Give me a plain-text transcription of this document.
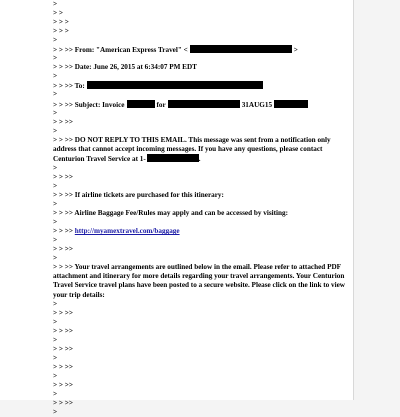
>
> >
> > >
> > >
>
> > >> From: "American Express Travel" <	>
>
> > >> Date: June 26, 2015 at 6:34:07 PM EDT
>
> > >> To:
>
> > >> Subject: Invoice	for	31AUG15
>
> > >>
>
> > >> DO NOT REPLY TO THIS EMAIL. This message was sent from a notification only address that cannot accept incoming messages. If you have any questions, please contact Centurion Travel Service at 1-	.
>
> > >>
>
> > >> If airline tickets are purchased for this itinerary:
>
> > >> Airline Baggage Fee/Rules may apply and can be accessed by visiting:
>
> > >> http://myamextravel.com/baggage
>
> > >>
>
> > >> Your travel arrangements are outlined below in the email. Please refer to attached PDF attachment and itinerary for more details regarding your travel arrangements. Your Centurion Travel Service travel plans have been posted to a secure website. Please click on the link to view your trip details:
>
> > >>
>
> > >>
>
> > >>
>
> > >>
>
> > >>
>
> > >>
>
